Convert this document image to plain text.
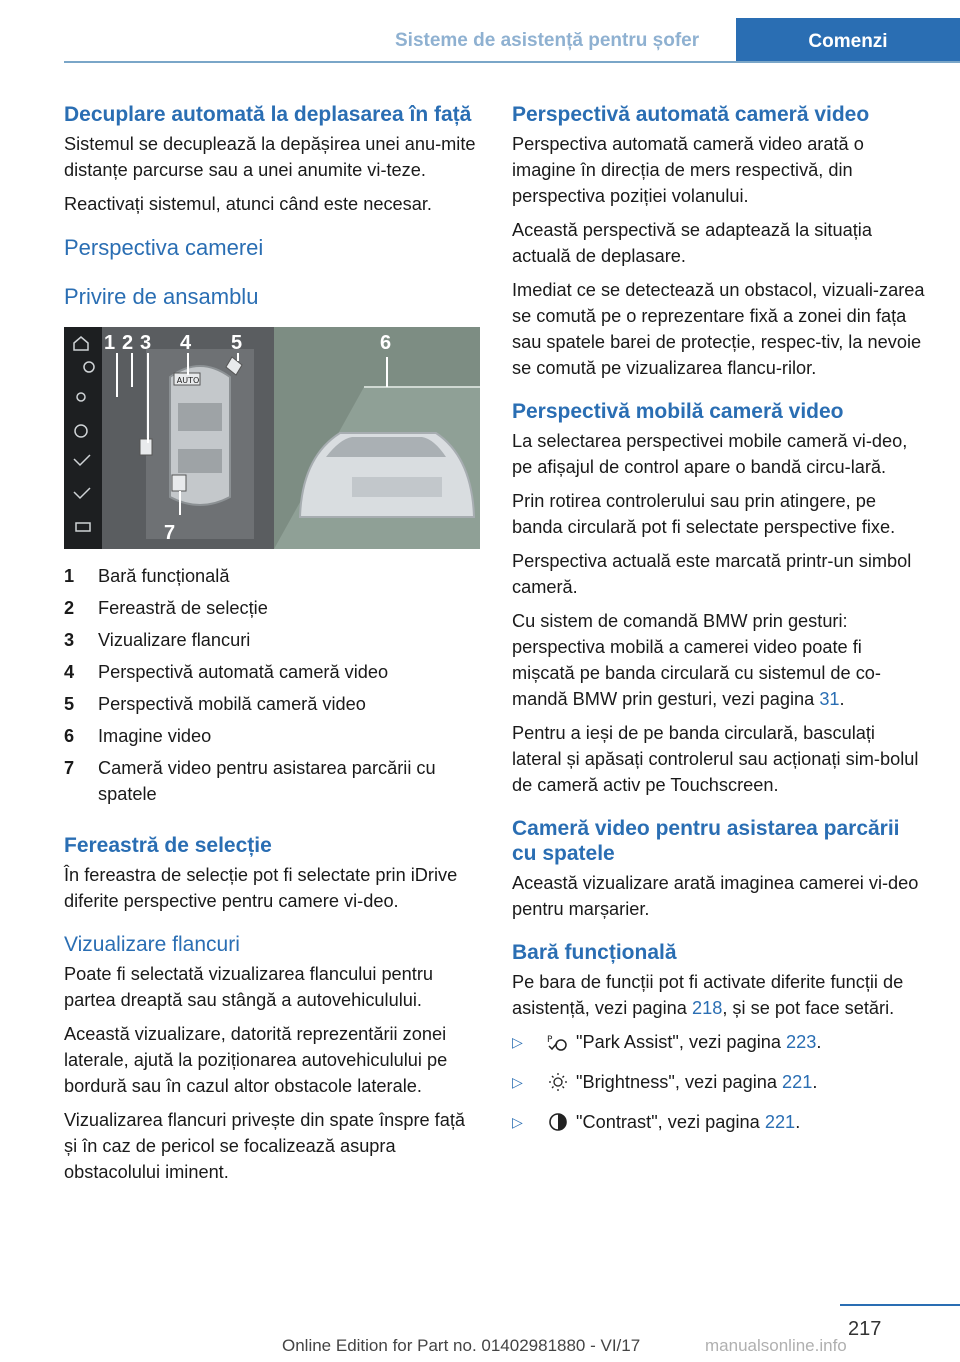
Sisteme de asistență pentru șofer	Comenzi
Decuplare automată la deplasarea în față

Sistemul se decuplează la depășirea unei anu-mite distanțe parcurse sau a unei anumite vi-teze.

Reactivați sistemul, atunci când este necesar.

Perspectiva camerei
Privire de ansamblu
AUTO
1 2 3 4 5	6
7
1	Bară funcțională
2	Fereastră de selecție
3	Vizualizare flancuri
4	Perspectivă automată cameră video
5	Perspectivă mobilă cameră video
6	Imagine video
7	Cameră video pentru asistarea parcării cu spatele
Fereastră de selecție

În fereastra de selecție pot fi selectate prin iDrive diferite perspective pentru camere vi-deo.

Vizualizare flancuri

Poate fi selectată vizualizarea flancului pentru partea dreaptă sau stângă a autovehiculului.

Această vizualizare, datorită reprezentării zonei laterale, ajută la poziționarea autovehiculului pe bordură sau în cazul altor obstacole laterale.

Vizualizarea flancuri privește din spate înspre față și în caz de pericol se focalizează asupra obstacolului iminent.

Perspectivă automată cameră video

Perspectiva automată cameră video arată o imagine în direcția de mers respectivă, din perspectiva poziției volanului.

Această perspectivă se adaptează la situația actuală de deplasare.

Imediat ce se detectează un obstacol, vizuali-zarea se comută pe o reprezentare fixă a zonei din fața sau spatele barei de protecție, respec-tiv, la nevoie se comută pe vizualizarea flancu-rilor.

Perspectivă mobilă cameră video

La selectarea perspectivei mobile cameră vi-deo, pe afișajul de control apare o bandă circu-lară.

Prin rotirea controlerului sau prin atingere, pe banda circulară pot fi selectate perspective fixe.

Perspectiva actuală este marcată printr-un simbol cameră.

Cu sistem de comandă BMW prin gesturi: perspectiva mobilă a camerei video poate fi mișcată pe banda circulară cu sistemul de co-mandă BMW prin gesturi, vezi pagina 31.

Pentru a ieși de pe banda circulară, basculați lateral și apăsați controlerul sau acționați sim-bolul de cameră activ pe Touchscreen.

Cameră video pentru asistarea parcării cu spatele

Această vizualizare arată imaginea camerei vi-deo pentru marșarier.

Bară funcțională

Pe bara de funcții pot fi activate diferite funcții de asistență, vezi pagina 218, și se pot face setări.

▷	P "Park Assist", vezi pagina 223.
▷	"Brightness", vezi pagina 221.
▷	"Contrast", vezi pagina 221.
217
Online Edition for Part no. 01402981880 - VI/17	manualsonline.info
